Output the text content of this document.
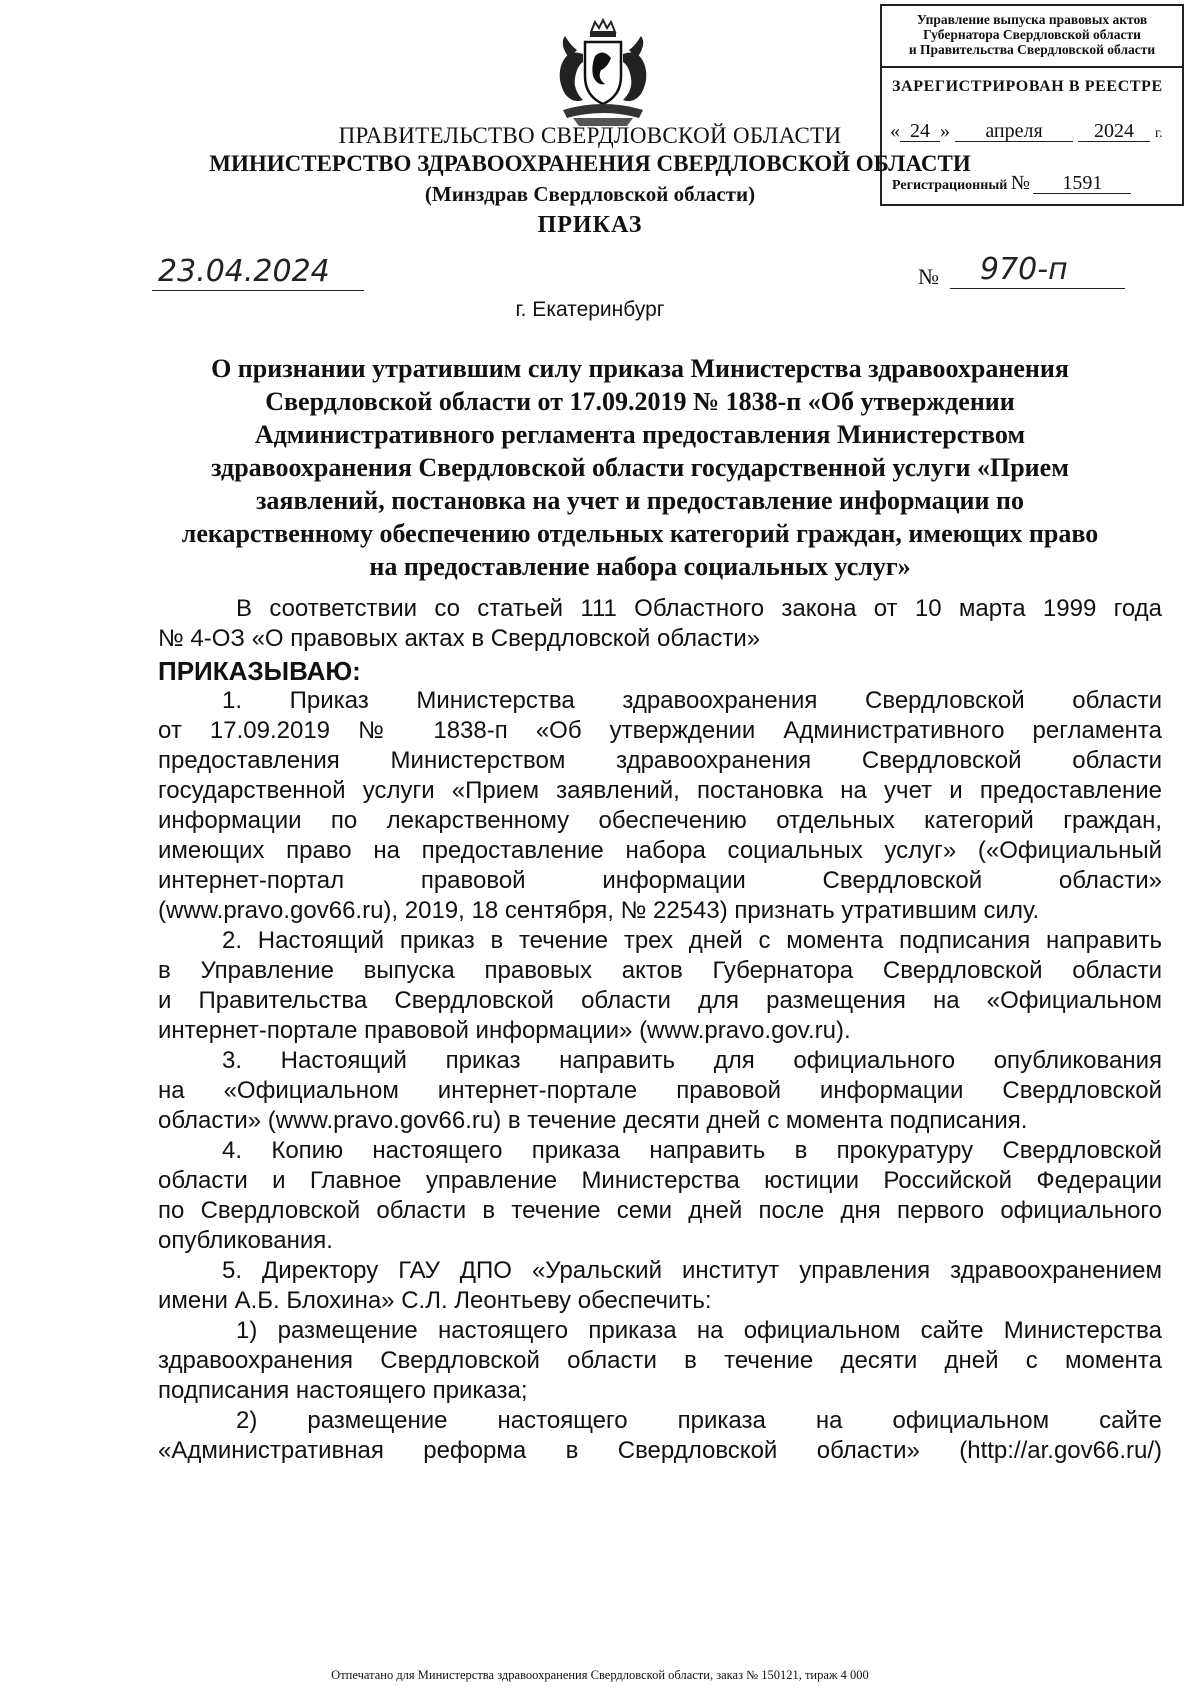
Управление выпуска правовых актов
Губернатора Свердловской области
и Правительства Свердловской области
ЗАРЕГИСТРИРОВАН В РЕЕСТРЕ
« 24 » апреля	2024 г.
Регистрационный № 1591
ПРАВИТЕЛЬСТВО СВЕРДЛОВСКОЙ ОБЛАСТИ
МИНИСТЕРСТВО ЗДРАВООХРАНЕНИЯ СВЕРДЛОВСКОЙ ОБЛАСТИ
(Минздрав Свердловской области)
ПРИКАЗ
23.04.2024	№	970-п
г. Екатеринбург
О признании утратившим силу приказа Министерства здравоохранения
Свердловской области от 17.09.2019 № 1838-п «Об утверждении
Административного регламента предоставления Министерством
здравоохранения Свердловской области государственной услуги «Прием
заявлений, постановка на учет и предоставление информации по
лекарственному обеспечению отдельных категорий граждан, имеющих право
на предоставление набора социальных услуг»
В соответствии со статьей 111 Областного закона от 10 марта 1999 года
№ 4-ОЗ «О правовых актах в Свердловской области»
ПРИКАЗЫВАЮ:
1. Приказ Министерства здравоохранения Свердловской области
от 17.09.2019 № 1838-п «Об утверждении Административного регламента
предоставления Министерством здравоохранения Свердловской области
государственной услуги «Прием заявлений, постановка на учет и предоставление
информации по лекарственному обеспечению отдельных категорий граждан,
имеющих право на предоставление набора социальных услуг» («Официальный
интернет-портал правовой информации Свердловской области»
(www.pravo.gov66.ru), 2019, 18 сентября, № 22543) признать утратившим силу.
2. Настоящий приказ в течение трех дней с момента подписания направить
в Управление выпуска правовых актов Губернатора Свердловской области
и Правительства Свердловской области для размещения на «Официальном
интернет-портале правовой информации» (www.pravo.gov.ru).
3. Настоящий приказ направить для официального опубликования
на «Официальном интернет-портале правовой информации Свердловской
области» (www.pravo.gov66.ru) в течение десяти дней с момента подписания.
4. Копию настоящего приказа направить в прокуратуру Свердловской
области и Главное управление Министерства юстиции Российской Федерации
по Свердловской области в течение семи дней после дня первого официального
опубликования.
5. Директору ГАУ ДПО «Уральский институт управления здравоохранением
имени А.Б. Блохина» С.Л. Леонтьеву обеспечить:
1) размещение настоящего приказа на официальном сайте Министерства
здравоохранения Свердловской области в течение десяти дней с момента
подписания настоящего приказа;
2) размещение настоящего приказа на официальном сайте
«Административная реформа в Свердловской области» (http://ar.gov66.ru/)
Отпечатано для Министерства здравоохранения Свердловской области, заказ № 150121, тираж 4 000
